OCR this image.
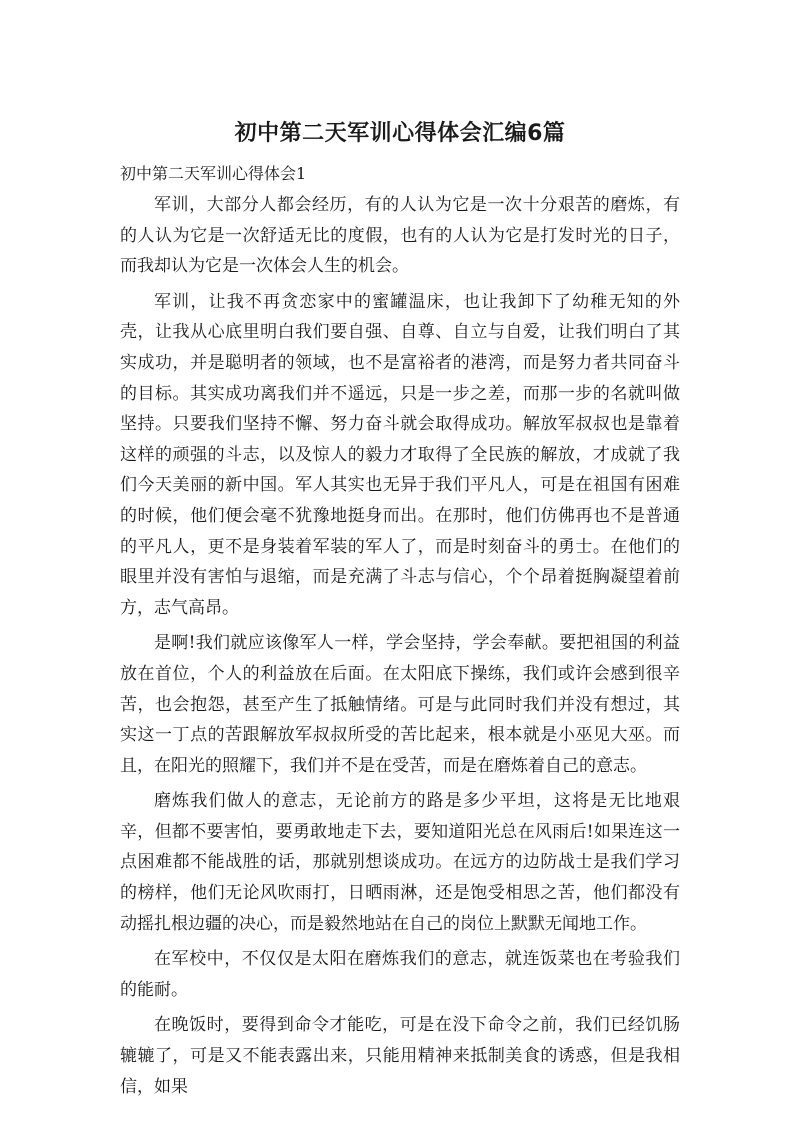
初中第二天军训心得体会汇编6篇

初中第二天军训心得体会1

军训，大部分人都会经历，有的人认为它是一次十分艰苦的磨炼，有的人认为它是一次舒适无比的度假，也有的人认为它是打发时光的日子，而我却认为它是一次体会人生的机会。

军训，让我不再贪恋家中的蜜罐温床，也让我卸下了幼稚无知的外壳，让我从心底里明白我们要自强、自尊、自立与自爱，让我们明白了其实成功，并是聪明者的领域，也不是富裕者的港湾，而是努力者共同奋斗的目标。其实成功离我们并不遥远，只是一步之差，而那一步的名就叫做坚持。只要我们坚持不懈、努力奋斗就会取得成功。解放军叔叔也是靠着这样的顽强的斗志，以及惊人的毅力才取得了全民族的解放，才成就了我们今天美丽的新中国。军人其实也无异于我们平凡人，可是在祖国有困难的时候，他们便会毫不犹豫地挺身而出。在那时，他们仿佛再也不是普通的平凡人，更不是身装着军装的军人了，而是时刻奋斗的勇士。在他们的眼里并没有害怕与退缩，而是充满了斗志与信心，个个昂着挺胸凝望着前方，志气高昂。

是啊!我们就应该像军人一样，学会坚持，学会奉献。要把祖国的利益放在首位，个人的利益放在后面。在太阳底下操练，我们或许会感到很辛苦，也会抱怨，甚至产生了抵触情绪。可是与此同时我们并没有想过，其实这一丁点的苦跟解放军叔叔所受的苦比起来，根本就是小巫见大巫。而且，在阳光的照耀下，我们并不是在受苦，而是在磨炼着自己的意志。

磨炼我们做人的意志，无论前方的路是多少平坦，这将是无比地艰辛，但都不要害怕，要勇敢地走下去，要知道阳光总在风雨后!如果连这一点困难都不能战胜的话，那就别想谈成功。在远方的边防战士是我们学习的榜样，他们无论风吹雨打，日晒雨淋，还是饱受相思之苦，他们都没有动摇扎根边疆的决心，而是毅然地站在自己的岗位上默默无闻地工作。

在军校中，不仅仅是太阳在磨炼我们的意志，就连饭菜也在考验我们的能耐。

在晚饭时，要得到命令才能吃，可是在没下命令之前，我们已经饥肠辘辘了，可是又不能表露出来，只能用精神来抵制美食的诱惑，但是我相信，如果
